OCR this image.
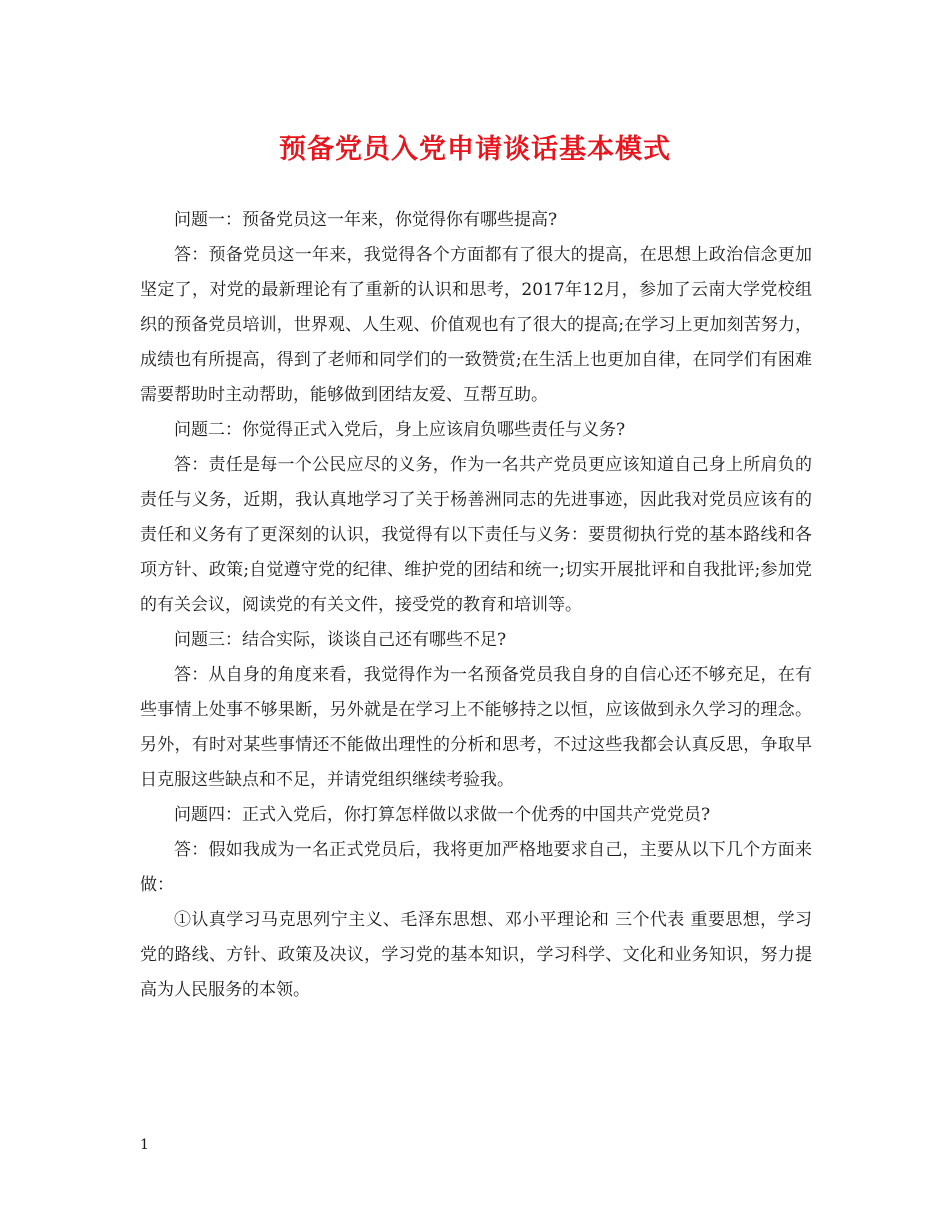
预备党员入党申请谈话基本模式

问题一：预备党员这一年来，你觉得你有哪些提高?

答：预备党员这一年来，我觉得各个方面都有了很大的提高，在思想上政治信念更加坚定了，对党的最新理论有了重新的认识和思考，2017年12月，参加了云南大学党校组织的预备党员培训，世界观、人生观、价值观也有了很大的提高;在学习上更加刻苦努力，成绩也有所提高，得到了老师和同学们的一致赞赏;在生活上也更加自律，在同学们有困难需要帮助时主动帮助，能够做到团结友爱、互帮互助。

问题二：你觉得正式入党后，身上应该肩负哪些责任与义务?

答：责任是每一个公民应尽的义务，作为一名共产党员更应该知道自己身上所肩负的责任与义务，近期，我认真地学习了关于杨善洲同志的先进事迹，因此我对党员应该有的责任和义务有了更深刻的认识，我觉得有以下责任与义务：要贯彻执行党的基本路线和各项方针、政策;自觉遵守党的纪律、维护党的团结和统一;切实开展批评和自我批评;参加党的有关会议，阅读党的有关文件，接受党的教育和培训等。

问题三：结合实际，谈谈自己还有哪些不足?

答：从自身的角度来看，我觉得作为一名预备党员我自身的自信心还不够充足，在有些事情上处事不够果断，另外就是在学习上不能够持之以恒，应该做到永久学习的理念。另外，有时对某些事情还不能做出理性的分析和思考，不过这些我都会认真反思，争取早日克服这些缺点和不足，并请党组织继续考验我。

问题四：正式入党后，你打算怎样做以求做一个优秀的中国共产党党员?

答：假如我成为一名正式党员后，我将更加严格地要求自己，主要从以下几个方面来做：

①认真学习马克思列宁主义、毛泽东思想、邓小平理论和 三个代表 重要思想，学习党的路线、方针、政策及决议，学习党的基本知识，学习科学、文化和业务知识，努力提高为人民服务的本领。

1
